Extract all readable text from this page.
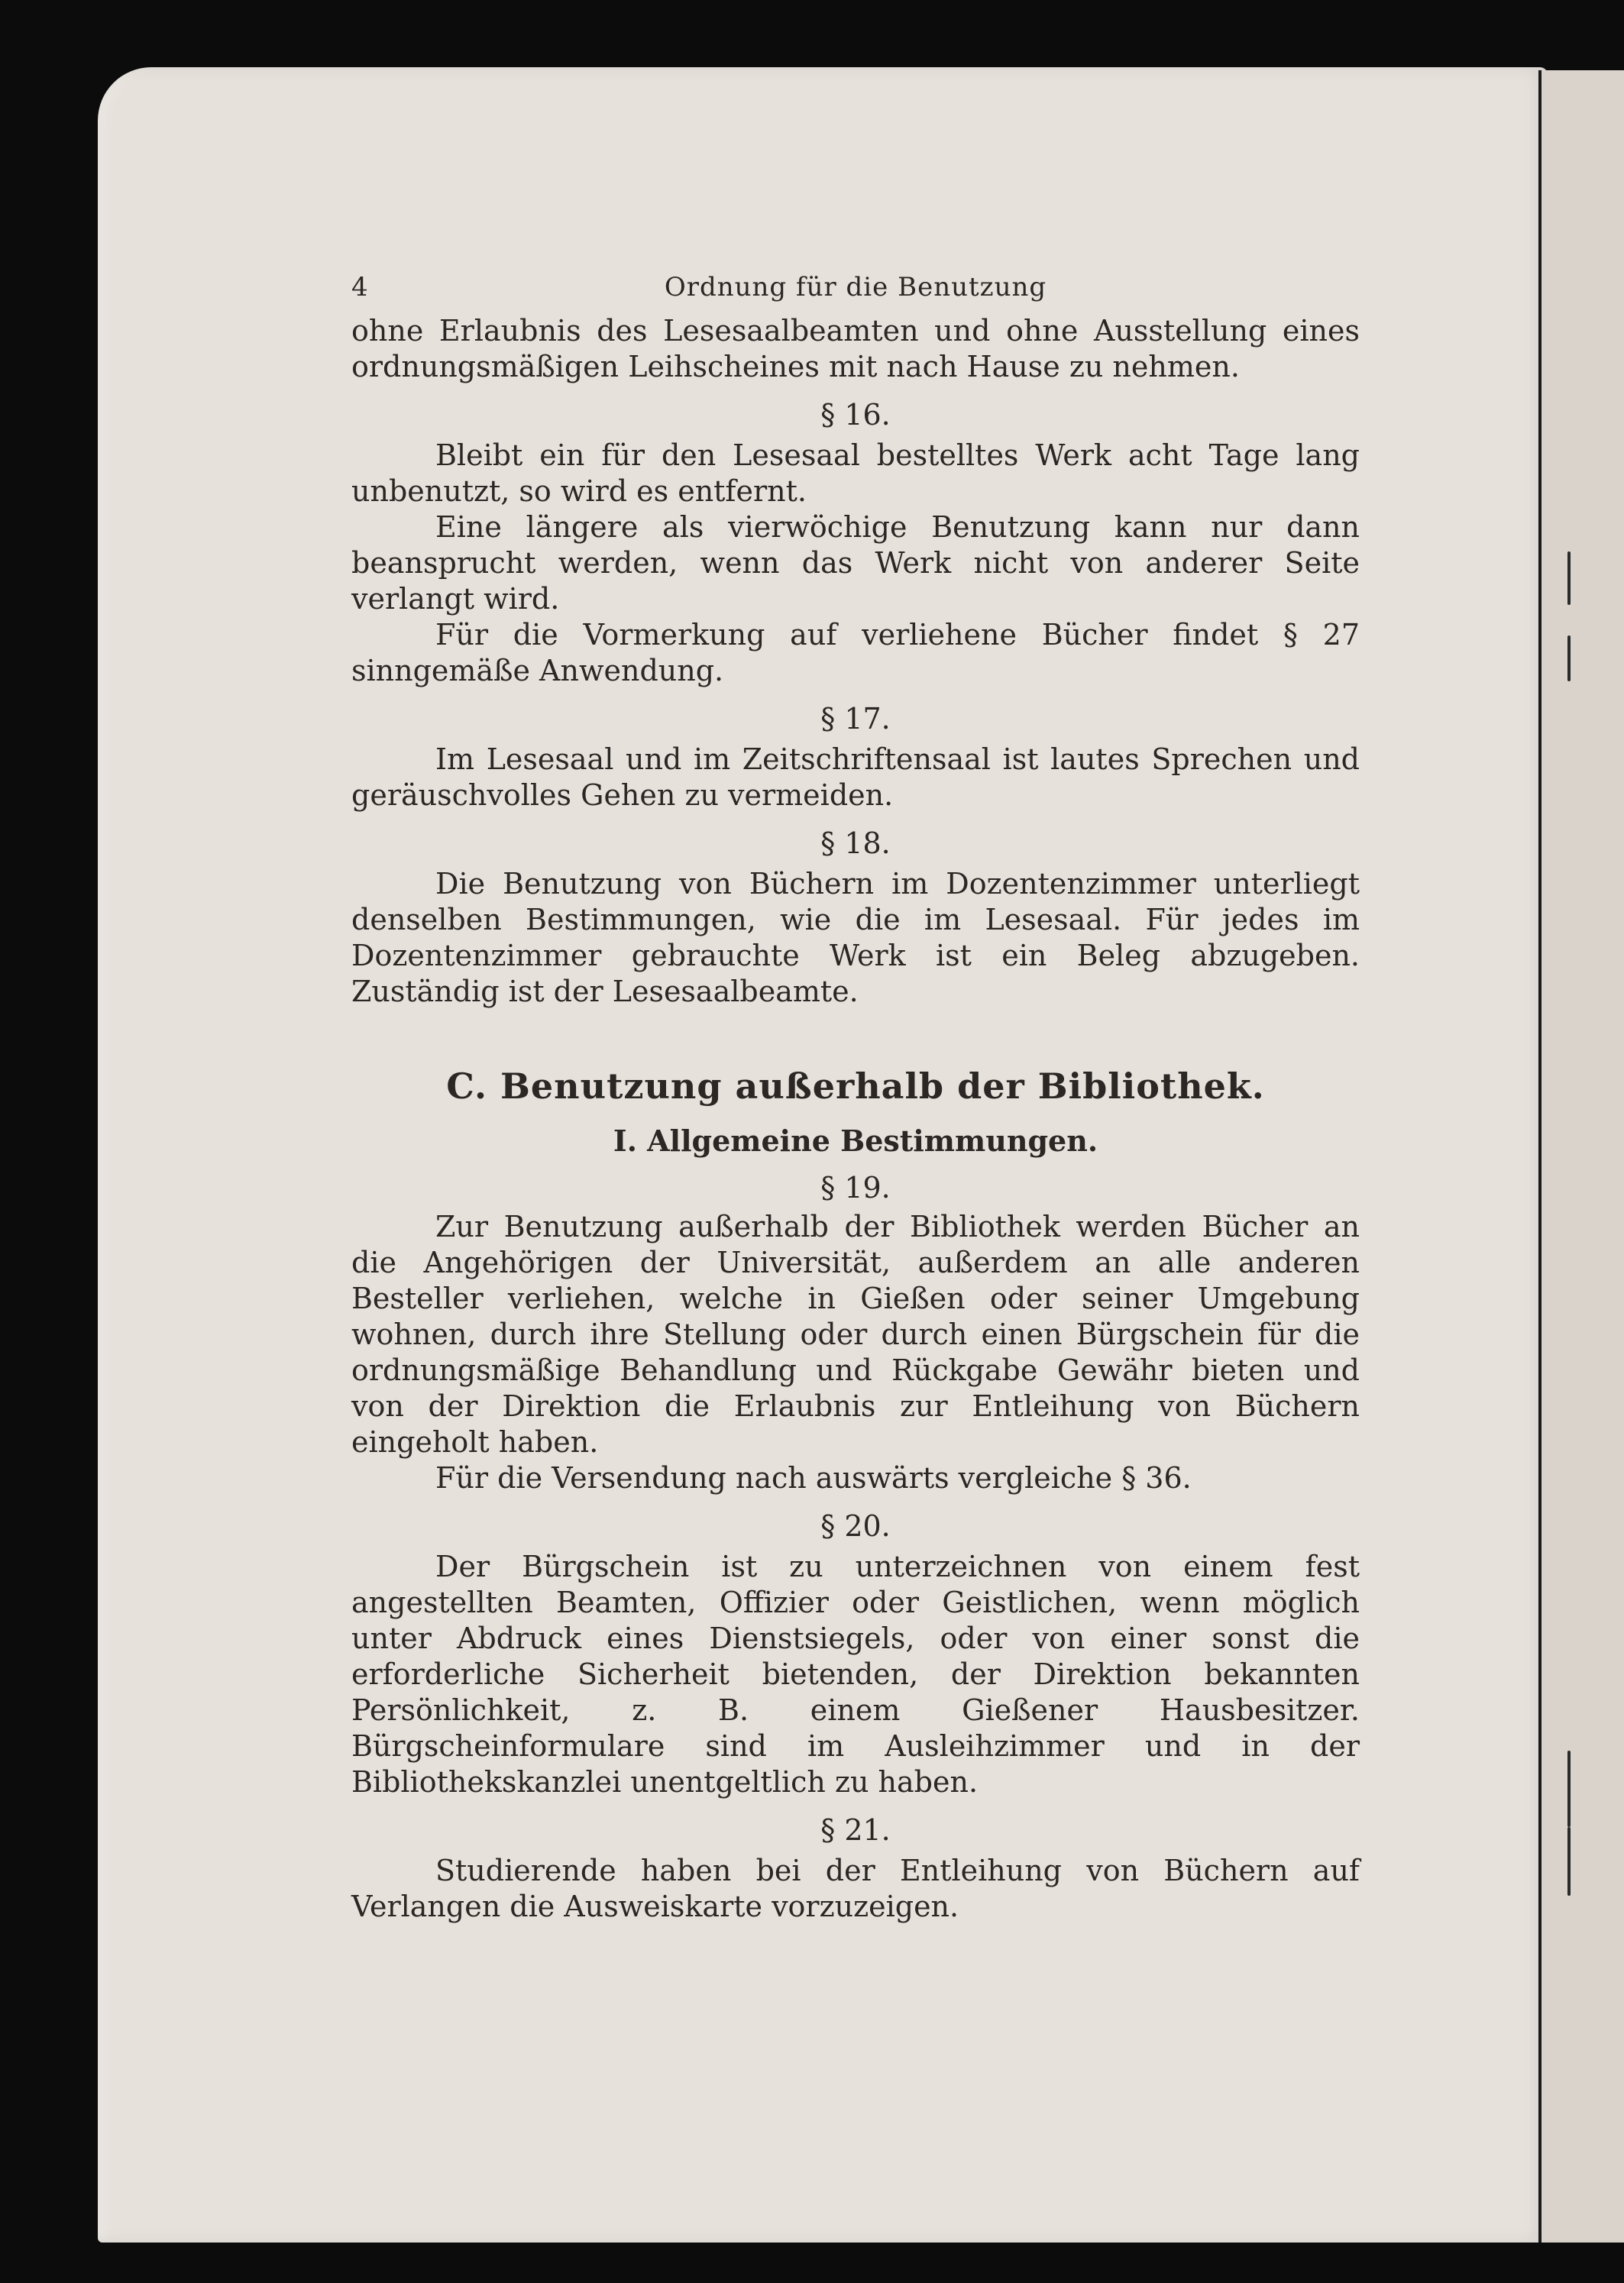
4	Ordnung für die Benutzung

ohne Erlaubnis des Lesesaalbeamten und ohne Ausstellung eines ordnungsmäßigen Leihscheines mit nach Hause zu nehmen.

§ 16.

Bleibt ein für den Lesesaal bestelltes Werk acht Tage lang unbenutzt, so wird es entfernt.

Eine längere als vierwöchige Benutzung kann nur dann beansprucht werden, wenn das Werk nicht von anderer Seite verlangt wird.

Für die Vormerkung auf verliehene Bücher findet § 27 sinngemäße Anwendung.

§ 17.

Im Lesesaal und im Zeitschriftensaal ist lautes Sprechen und geräuschvolles Gehen zu vermeiden.

§ 18.

Die Benutzung von Büchern im Dozentenzimmer unterliegt denselben Bestimmungen, wie die im Lesesaal. Für jedes im Dozentenzimmer gebrauchte Werk ist ein Beleg abzugeben. Zuständig ist der Lesesaalbeamte.

C. Benutzung außerhalb der Bibliothek.
I. Allgemeine Bestimmungen.
§ 19.

Zur Benutzung außerhalb der Bibliothek werden Bücher an die Angehörigen der Universität, außerdem an alle anderen Besteller verliehen, welche in Gießen oder seiner Umgebung wohnen, durch ihre Stellung oder durch einen Bürgschein für die ordnungsmäßige Behandlung und Rückgabe Gewähr bieten und von der Direktion die Erlaubnis zur Entleihung von Büchern eingeholt haben.

Für die Versendung nach auswärts vergleiche § 36.

§ 20.

Der Bürgschein ist zu unterzeichnen von einem fest angestellten Beamten, Offizier oder Geistlichen, wenn möglich unter Abdruck eines Dienstsiegels, oder von einer sonst die erforderliche Sicherheit bietenden, der Direktion bekannten Persönlichkeit, z. B. einem Gießener Hausbesitzer. Bürgscheinformulare sind im Ausleihzimmer und in der Bibliothekskanzlei unentgeltlich zu haben.

§ 21.

Studierende haben bei der Entleihung von Büchern auf Verlangen die Ausweiskarte vorzuzeigen.
